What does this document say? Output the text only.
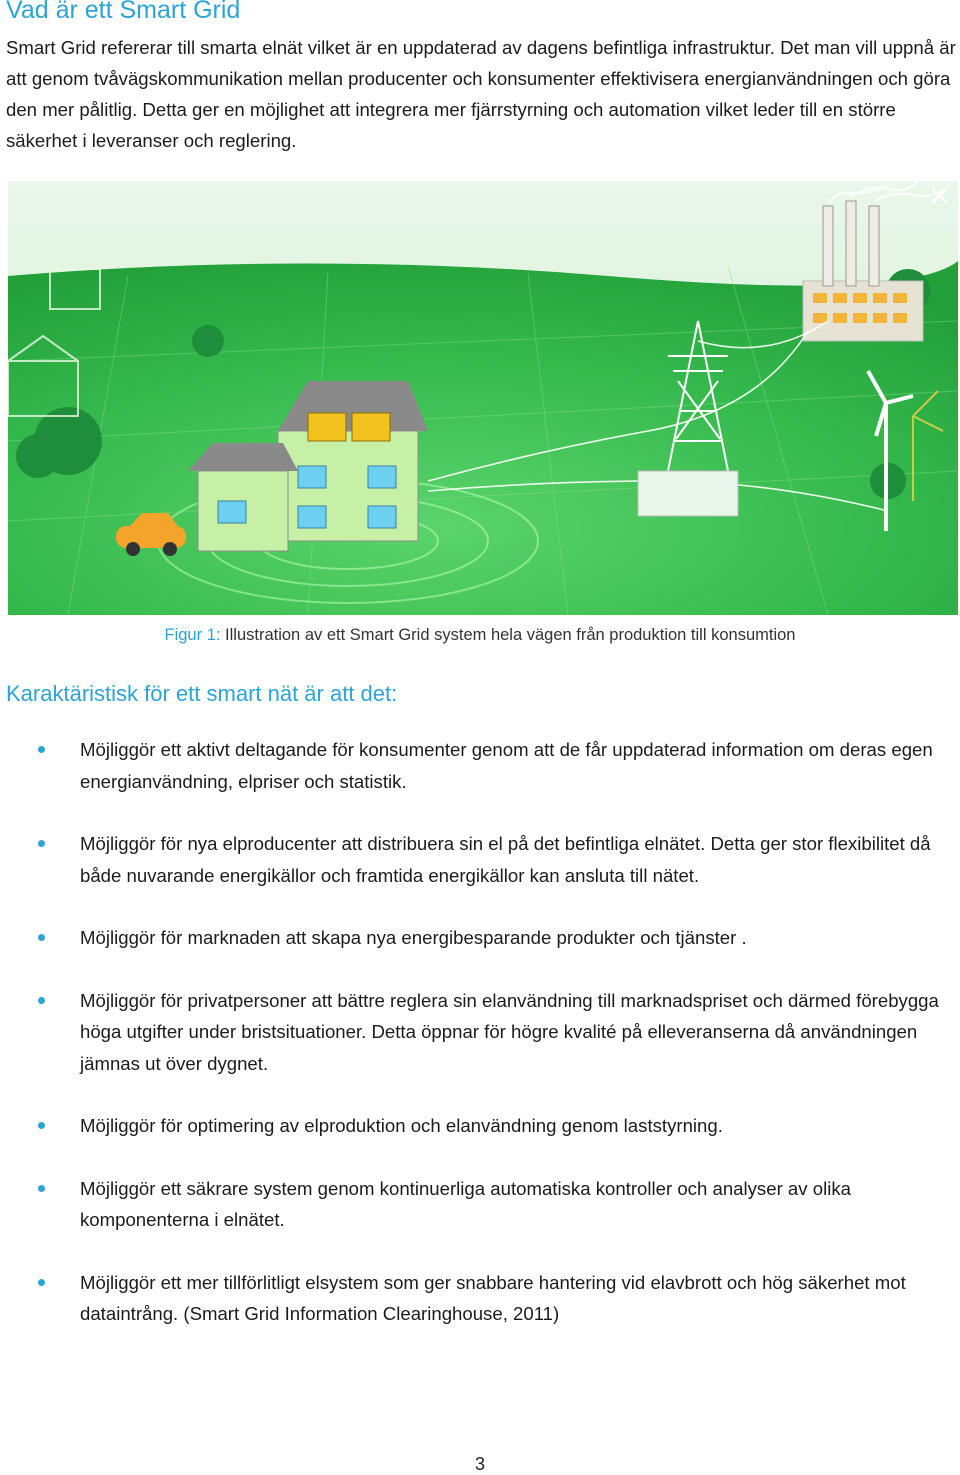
Vad är ett Smart Grid

Smart Grid refererar till smarta elnät vilket är en uppdaterad av dagens befintliga infrastruktur. Det man vill uppnå är att genom tvåvägskommunikation mellan producenter och konsumenter effektivisera energianvändningen och göra den mer pålitlig. Detta ger en möjlighet att integrera mer fjärrstyrning och automation vilket leder till en större säkerhet i leveranser och reglering.

Figur 1: Illustration av ett Smart Grid system hela vägen från produktion till konsumtion
Karaktäristisk för ett smart nät är att det:
Möjliggör ett aktivt deltagande för konsumenter genom att de får uppdaterad information om deras egen energianvändning, elpriser och statistik.
Möjliggör för nya elproducenter att distribuera sin el på det befintliga elnätet. Detta ger stor flexibilitet då både nuvarande energikällor och framtida energikällor kan ansluta till nätet.
Möjliggör för marknaden att skapa nya energibesparande produkter och tjänster .
Möjliggör för privatpersoner att bättre reglera sin elanvändning till marknadspriset och därmed förebygga höga utgifter under bristsituationer. Detta öppnar för högre kvalité på elleveranserna då användningen jämnas ut över dygnet.
Möjliggör för optimering av elproduktion och elanvändning genom laststyrning.
Möjliggör ett säkrare system genom kontinuerliga automatiska kontroller och analyser av olika komponenterna i elnätet.
Möjliggör ett mer tillförlitligt elsystem som ger snabbare hantering vid elavbrott och hög säkerhet mot dataintrång. (Smart Grid Information Clearinghouse, 2011)
3
